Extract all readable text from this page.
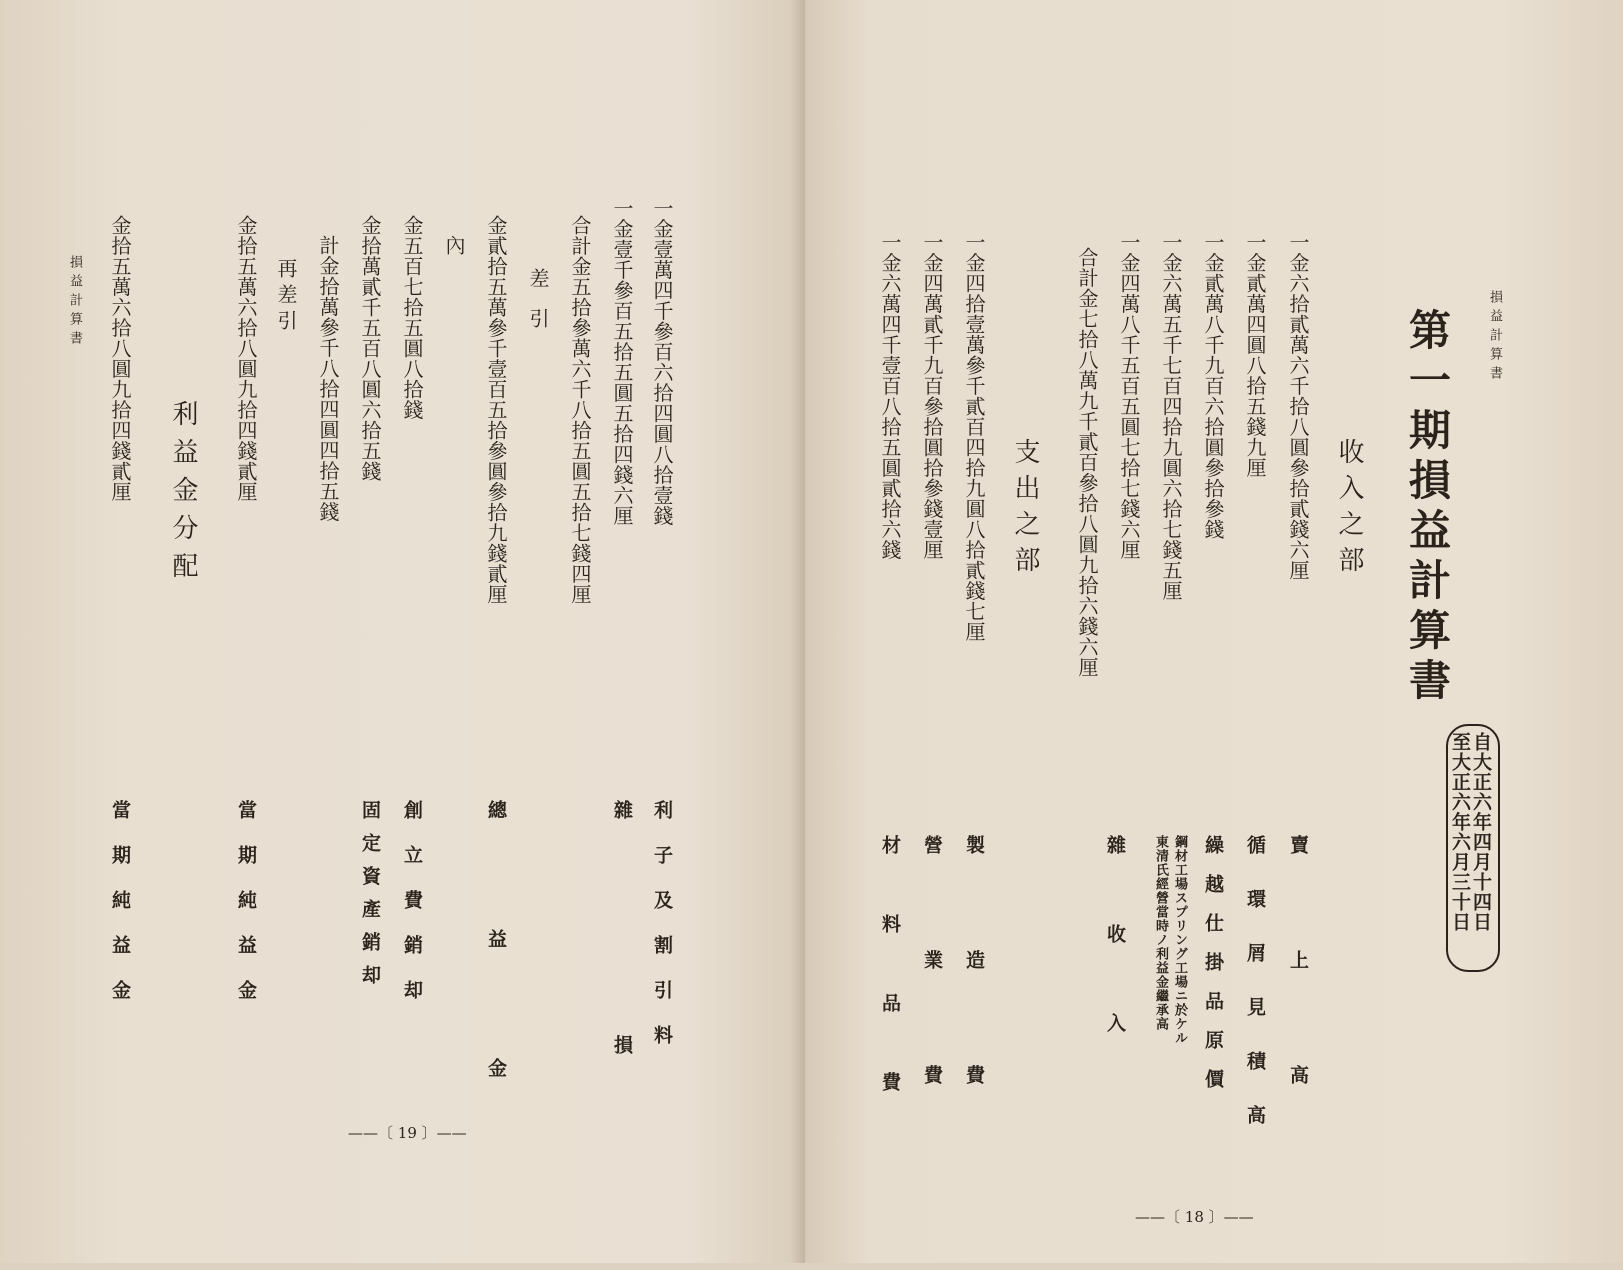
損益計算書	一金壹萬四千參百六拾四圓八拾壹錢
利子及割引料
一金壹千參百五拾五圓五拾四錢六厘
雜損
合計金五拾參萬六千八拾五圓五拾七錢四厘
差引
金貳拾五萬參千壹百五拾參圓參拾九錢貳厘
總益金
內
金五百七拾五圓八拾錢
創立費銷却
金拾萬貳千五百八圓六拾五錢
固定資產銷却
計金拾萬參千八拾四圓四拾五錢
再差引
金拾五萬六拾八圓九拾四錢貳厘
當期純益金
利益金分配
金拾五萬六拾八圓九拾四錢貳厘
當期純益金
——〔 19 〕——
損益計算書
第一期損益計算書
自大正六年四月十四日
至大正六年六月三十日
收入之部
一金六拾貳萬六千拾八圓參拾貳錢六厘
賣上高
一金貳萬四圓八拾五錢九厘
循環屑見積高
一金貳萬八千九百六拾圓參拾參錢
繰越仕掛品原價
一金六萬五千七百四拾九圓六拾七錢五厘
鋼材工場スプリング工場ニ於ケル
東清氏經營當時ノ利益金繼承高
一金四萬八千五百五圓七拾七錢六厘
雜收入
合計金七拾八萬九千貳百參拾八圓九拾六錢六厘
支出之部
一金四拾壹萬參千貳百四拾九圓八拾貳錢七厘
製造費
一金四萬貳千九百參拾圓拾參錢壹厘
營業費
一金六萬四千壹百八拾五圓貳拾六錢
材料品費
——〔 18 〕——
